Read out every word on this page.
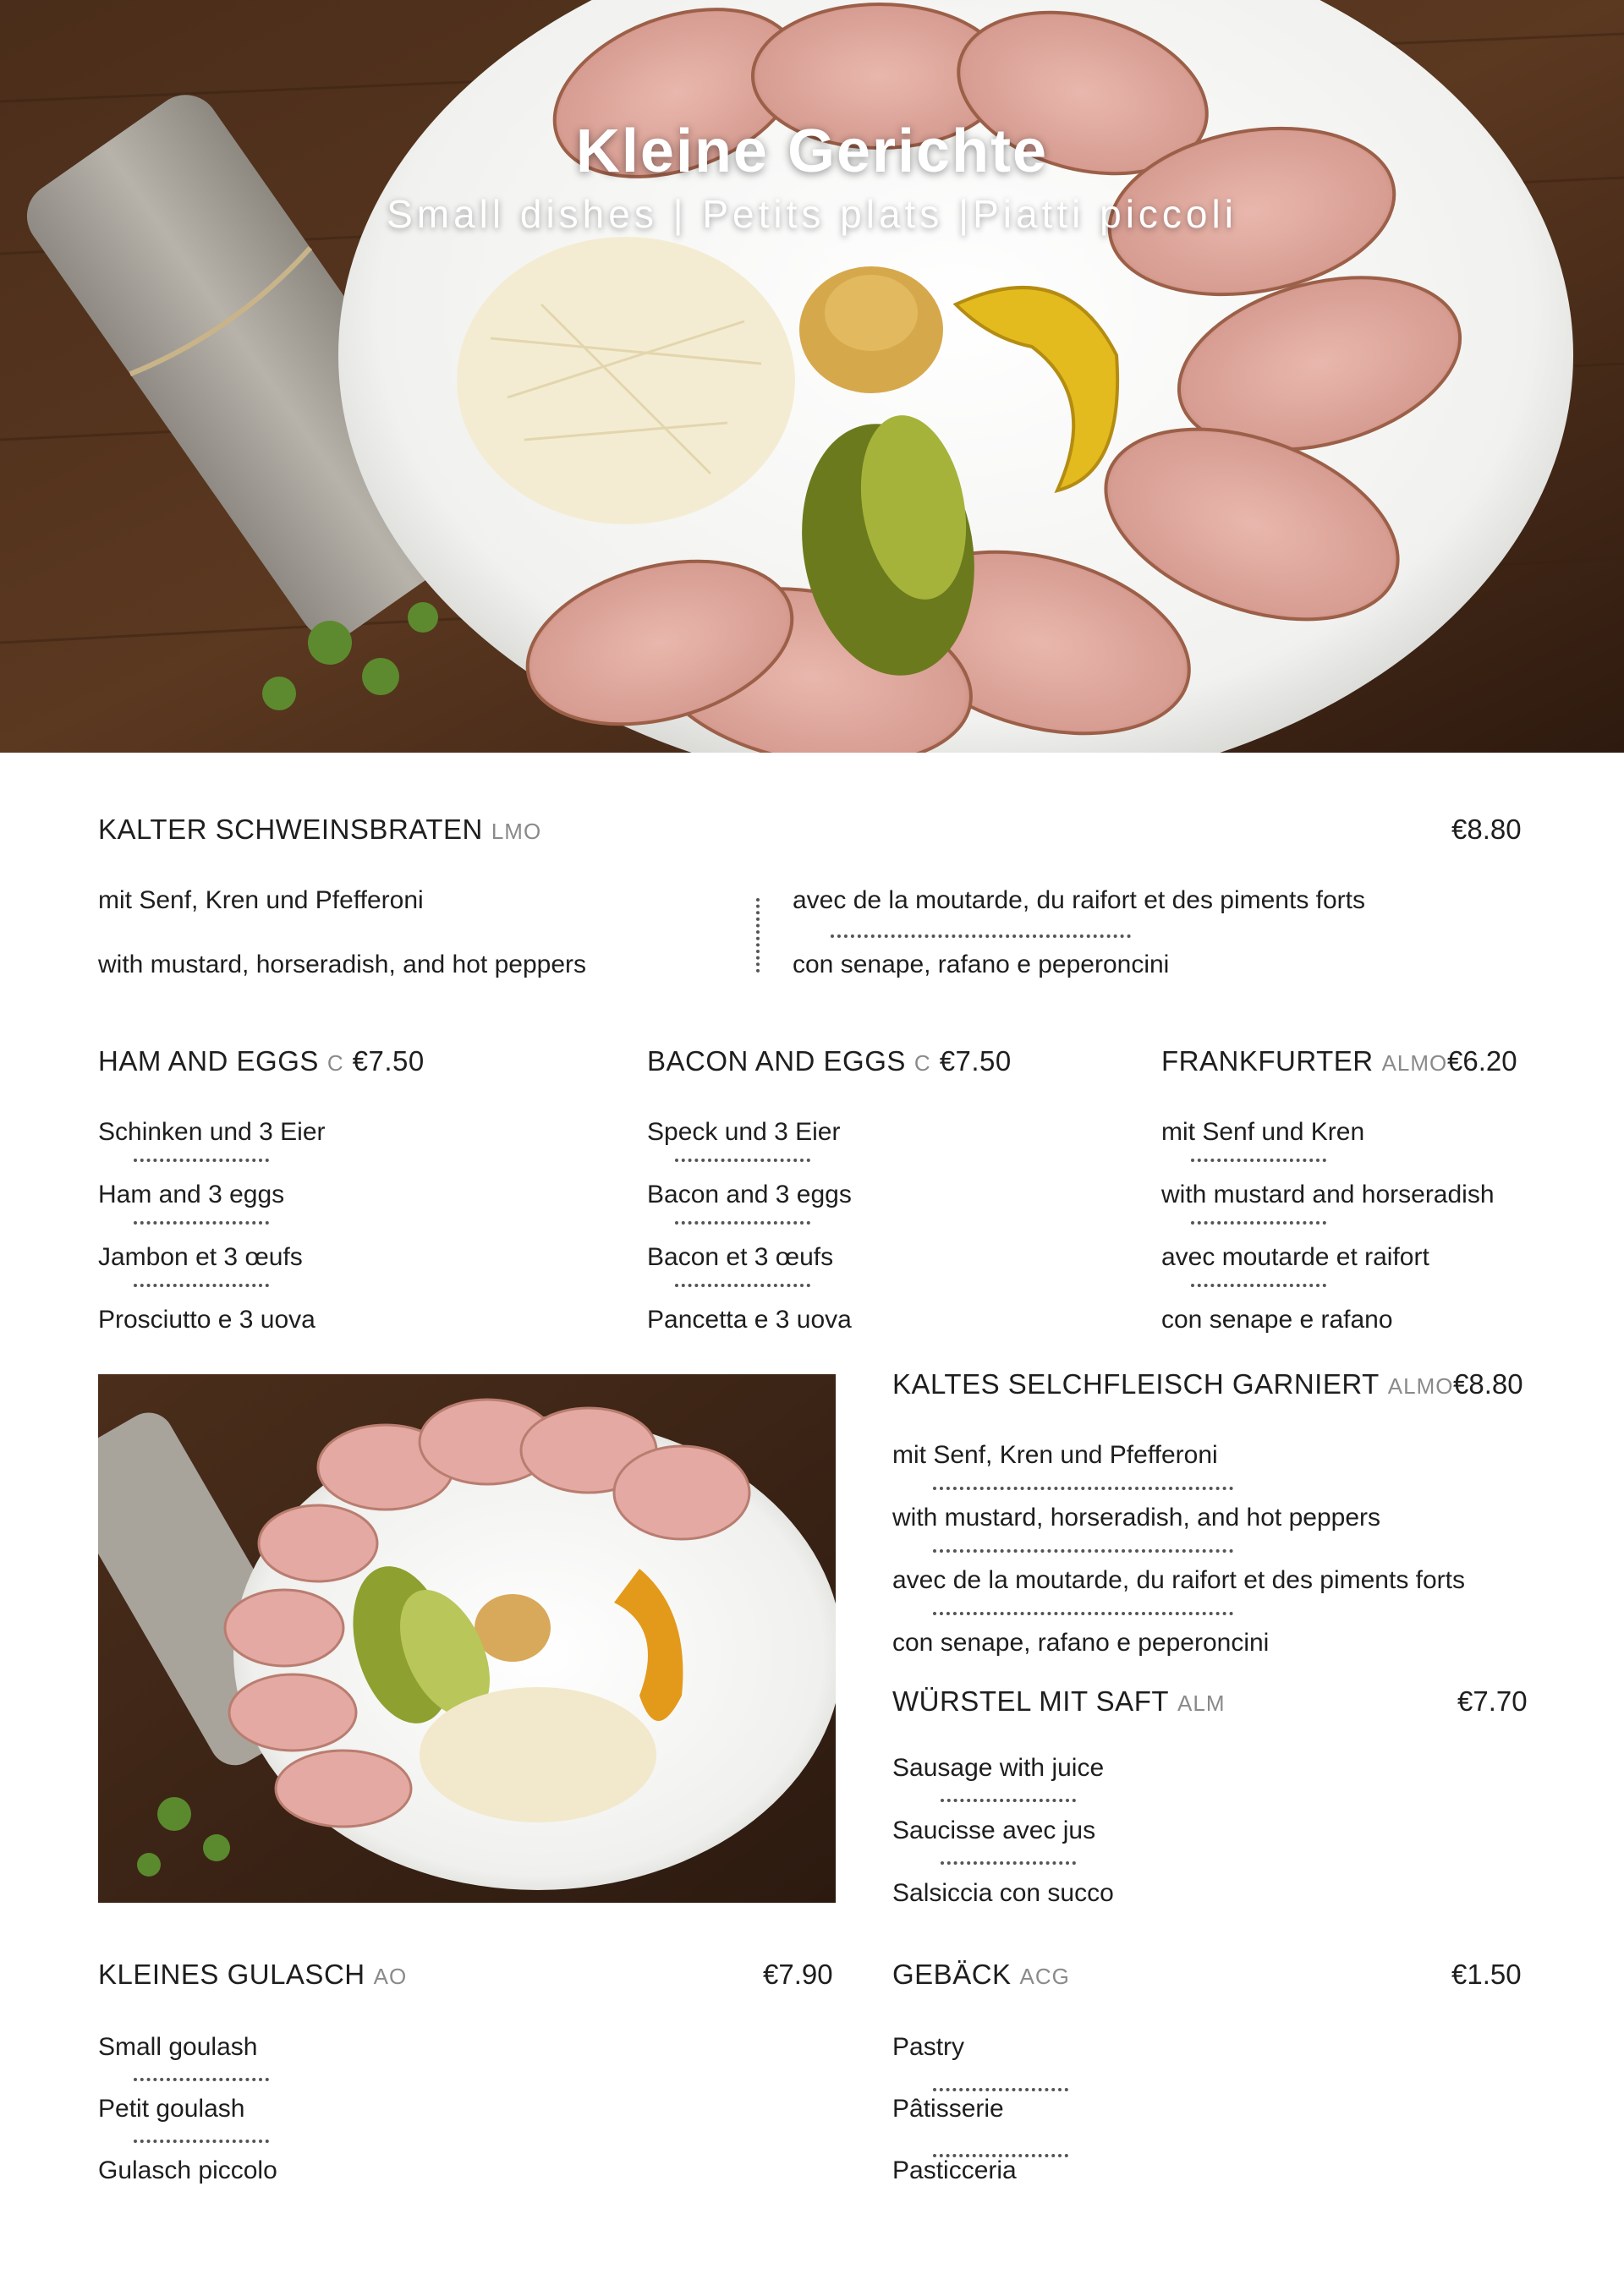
Kleine Gerichte
Small dishes | Petits plats |Piatti piccoli
KALTER SCHWEINSBRATEN LMO	€8.80
mit Senf, Kren und Pfefferoni
with mustard, horseradish, and hot peppers
avec de la moutarde, du raifort et des piments forts
con senape, rafano e peperoncini
HAM AND EGGS C €7.50
Schinken und 3 Eier
Ham and 3 eggs
Jambon et 3 œufs
Prosciutto e 3 uova
BACON AND EGGS C €7.50
Speck und 3 Eier
Bacon and 3 eggs
Bacon et 3 œufs
Pancetta e 3 uova
FRANKFURTER ALMO €6.20
mit Senf und Kren
with mustard and horseradish
avec moutarde et raifort
con senape e rafano
KALTES SELCHFLEISCH GARNIERT ALMO €8.80
mit Senf, Kren und Pfefferoni
with mustard, horseradish, and hot peppers
avec de la moutarde, du raifort et des piments forts
con senape, rafano e peperoncini
WÜRSTEL MIT SAFT ALM	€7.70
Sausage with juice
Saucisse avec jus
Salsiccia con succo
KLEINES GULASCH AO	€7.90
Small goulash
Petit goulash
Gulasch piccolo
GEBÄCK ACG	€1.50
Pastry
Pâtisserie
Pasticceria
